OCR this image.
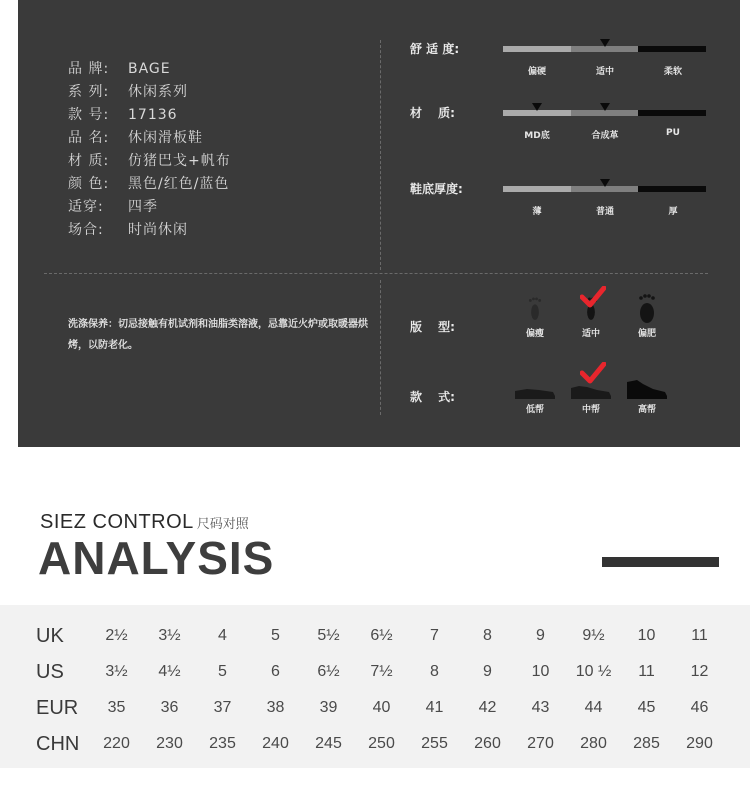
品 牌:	BAGE
系 列:	休闲系列
款 号:	17136
品 名:	休闲滑板鞋
材 质:	仿猪巴戈+帆布
颜 色:	黑色/红色/蓝色
适穿:	四季
场合:	时尚休闲
洗涤保养：切忌接触有机试剂和油脂类溶液，忌靠近火炉或取暖器烘烤，以防老化。
舒 适 度:
偏硬	适中	柔软
材　 质:
MD底	合成革	PU
鞋底厚度:
薄	普通	厚
版　 型:	偏瘦	适中	偏肥
款　 式:
低帮	中帮	高帮
SIEZ CONTROL 尺码对照
ANALYSIS
UK	2½	3½	4	5	5½	6½	7	8	9	9½	10	11
US	3½	4½	5	6	6½	7½	8	9	10	10 ½	11	12
EUR	35	36	37	38	39	40	41	42	43	44	45	46
CHN	220	230	235	240	245	250	255	260	270	280	285	290
